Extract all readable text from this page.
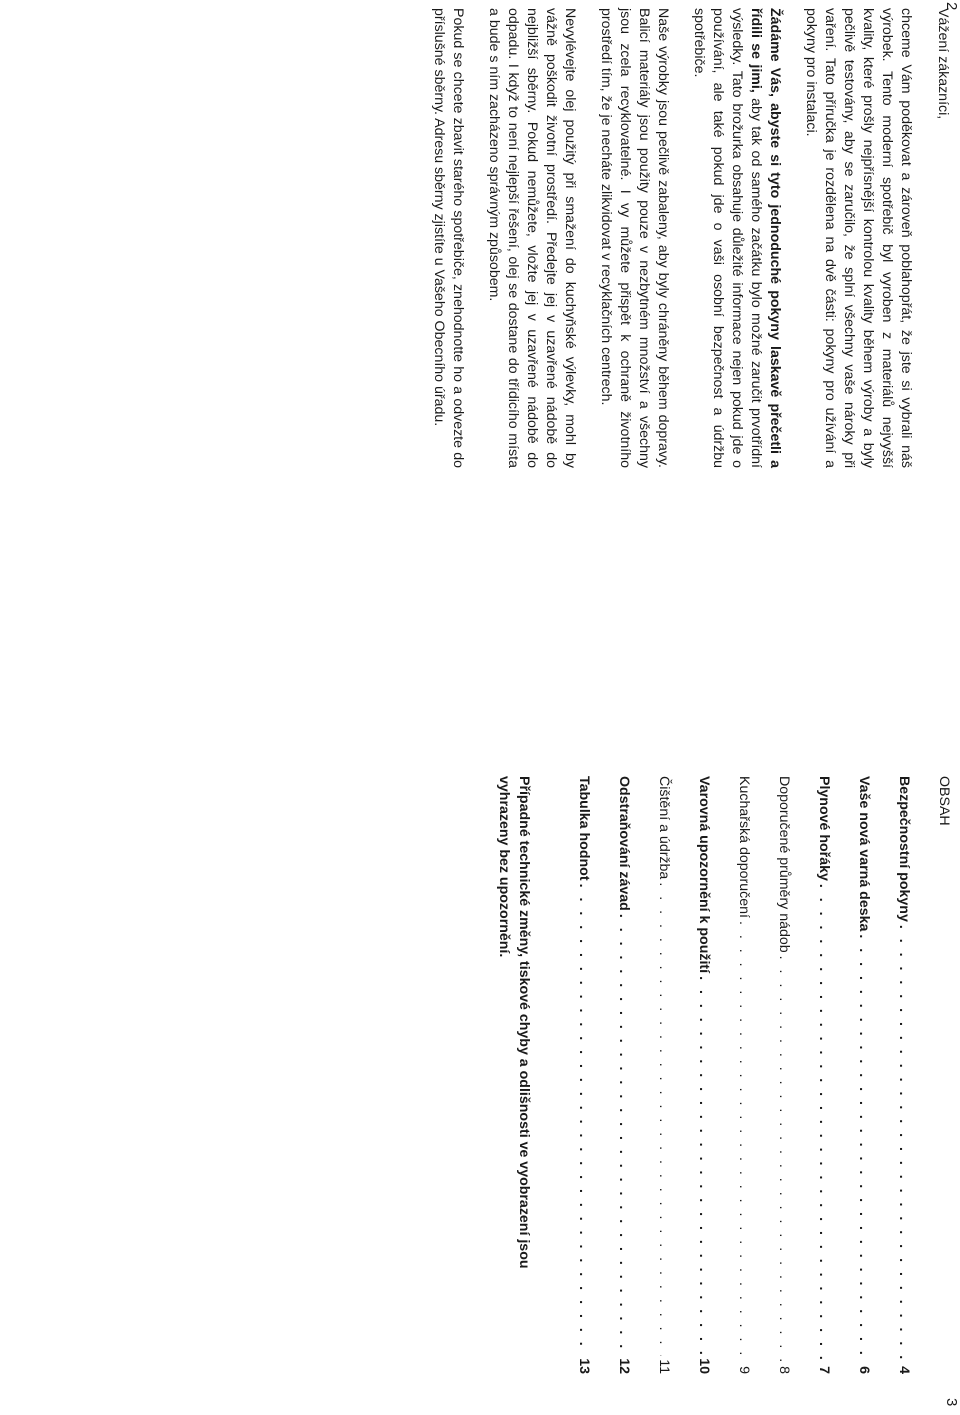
2
3

Vážení zákazníci,

chceme Vám poděkovat a zároveň poblahopřát, že jste si vybrali náš výrobek. Tento moderní spotřebič byl vyroben z materiálů nejvyšší kvality, které prošly nejpřísnější kontrolou kvality během výroby a byly pečlivě testovány, aby se zaručilo, že splní všechny vaše nároky při vaření. Tato příručka je rozdělena na dvě části: pokyny pro užívání a pokyny pro instalaci.

Žádáme Vás, abyste si tyto jednoduché pokyny laskavě přečetli a řídili se jimi, aby tak od samého začátku bylo možné zaručit prvotřídní výsledky. Tato brožurka obsahuje důležité informace nejen pokud jde o používání, ale také pokud jde o vaši osobní bezpečnost a údržbu spotřebiče.

Naše výrobky jsou pečlivě zabaleny, aby byly chráněny během dopravy. Balicí materiály jsou použity pouze v nezbytném množství a všechny jsou zcela recyklovatelné. I vy můžete přispět k ochraně životního prostředí tím, že je necháte zlikvidovat v recyklačních centrech.

Nevylévejte olej použitý při smažení do kuchyňské výlevky, mohl by vážně poškodit životní prostředí. Předejte jej v uzavřené nádobě do nejbližší sběrny. Pokud nemůžete, vložte jej v uzavřené nádobě do odpadu. I když to není nejlepší řešení, olej se dostane do třídicího místa a bude s ním zacházeno správným způsobem.

Pokud se chcete zbavit starého spotřebiče, znehodnotte ho a odvezte do příslušné sběrny. Adresu sběrny zjistíte u Vašeho Obecního úřadu.

OBSAH
Bezpečnostní pokyny
. . .
4
Vaše nová varná deska
. . .
6
Plynové hořáky
. . .
7
Doporučené průměry nádob
. . .
8
Kuchařská doporučení
. . .
9
Varovná upozornění k použití
. . .
10
Čištění a údržba
. . .
11
Odstraňování závad
. . .
12
Tabulka hodnot
. . .
13
Případné technické změny, tiskové chyby a odlišnosti ve vyobrazení jsou vyhrazeny bez upozornění.
